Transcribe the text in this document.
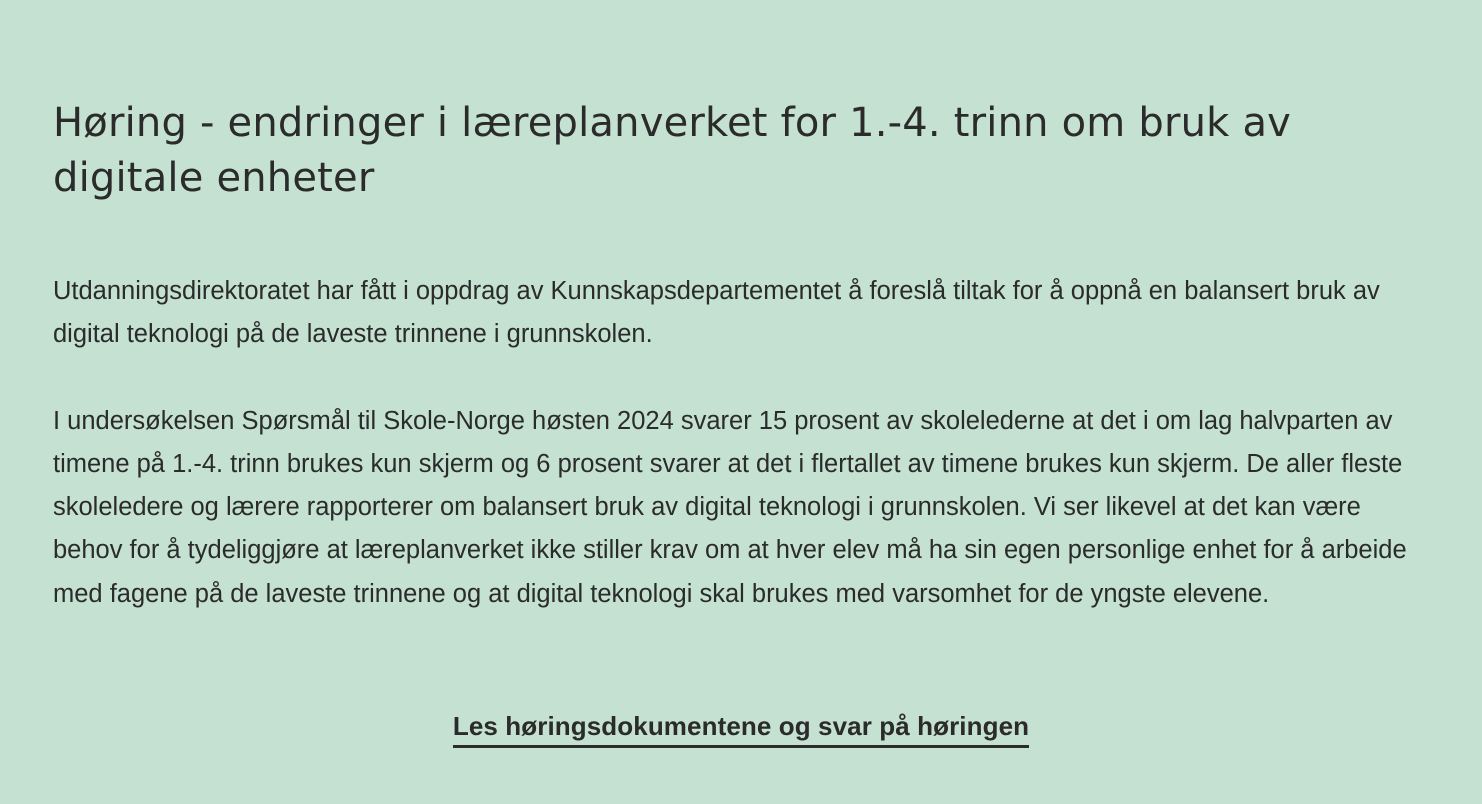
Høring - endringer i læreplanverket for 1.-4. trinn om bruk av digitale enheter

Utdanningsdirektoratet har fått i oppdrag av Kunnskapsdepartementet å foreslå tiltak for å oppnå en balansert bruk av digital teknologi på de laveste trinnene i grunnskolen.

I undersøkelsen Spørsmål til Skole-Norge høsten 2024 svarer 15 prosent av skolelederne at det i om lag halvparten av timene på 1.-4. trinn brukes kun skjerm og 6 prosent svarer at det i flertallet av timene brukes kun skjerm. De aller fleste skoleledere og lærere rapporterer om balansert bruk av digital teknologi i grunnskolen. Vi ser likevel at det kan være behov for å tydeliggjøre at læreplanverket ikke stiller krav om at hver elev må ha sin egen personlige enhet for å arbeide med fagene på de laveste trinnene og at digital teknologi skal brukes med varsomhet for de yngste elevene.

Les høringsdokumentene og svar på høringen
